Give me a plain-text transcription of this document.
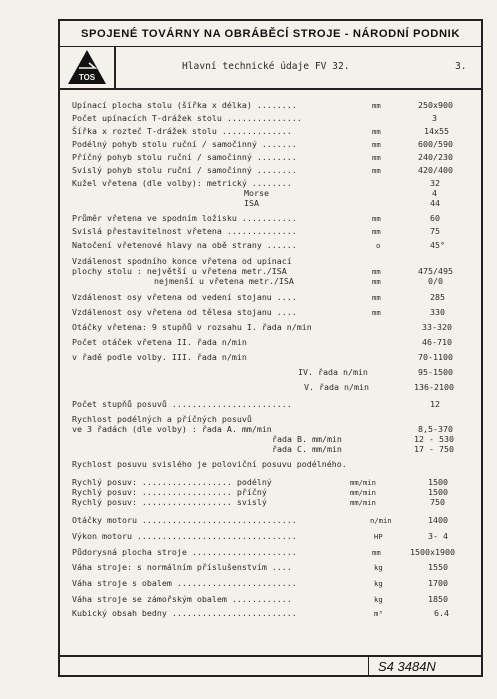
SPOJENÉ TOVÁRNY NA OBRÁBĚCÍ STROJE - NÁRODNÍ PODNIK
TOS
Hlavní technické údaje FV 32.	3.
Upínací plocha stolu (šířka x délka) ........	mm	250x900
Počet upínacích T-drážek stolu ...............	3
Šířka x rozteč T-drážek stolu ..............	mm	14x55
Podélný pohyb stolu ruční / samočinný .......	mm	600/590
Příčný pohyb stolu ruční / samočinný ........	mm	240/230
Svislý pohyb stolu ruční / samočinný ........	mm	420/400
Kužel vřetena (dle volby): metrický ........	32
Morse	4
ISA	44
Průměr vřetena ve spodním ložisku ...........	mm	60
Svislá přestavitelnost vřetena ..............	mm	75
Natočení vřetenové hlavy na obě strany ......	o	45°
Vzdálenost spodního konce vřetena od upínací
plochy stolu : největší u vřetena metr./ISA	mm	475/495
nejmenší u vřetena metr./ISA	mm	0/0
Vzdálenost osy vřetena od vedení stojanu ....	mm	285
Vzdálenost osy vřetena od tělesa stojanu ....	mm	330
Otáčky vřetena: 9 stupňů v rozsahu I. řada n/min	33-320
Počet otáček vřetena II. řada n/min	46-710
v řadě podle volby. III. řada n/min	70-1100
IV. řada n/min	95-1500
V. řada n/min	136-2100
Počet stupňů posuvů ........................	12
Rychlost podélných a příčných posuvů
ve 3 řadách (dle volby) : řada A. mm/min	8,5-370
řada B. mm/min	12 - 530
řada C. mm/min	17 - 750
Rychlost posuvu svislého je poloviční posuvu podélného.
Rychlý posuv: .................. podélný	mm/min	1500
Rychlý posuv: .................. příčný	mm/min	1500
Rychlý posuv: .................. svislý	mm/min	750
Otáčky motoru ...............................	n/min	1400
Výkon motoru ................................	HP	3- 4
Půdorysná plocha stroje .....................	mm	1500x1900
Váha stroje: s normálním příslušenstvím ....	kg	1550
Váha stroje s obalem ........................	kg	1700
Váha stroje se zámořským obalem ............	kg	1850
Kubický obsah bedny .........................	m³	6.4
S4 3484N
